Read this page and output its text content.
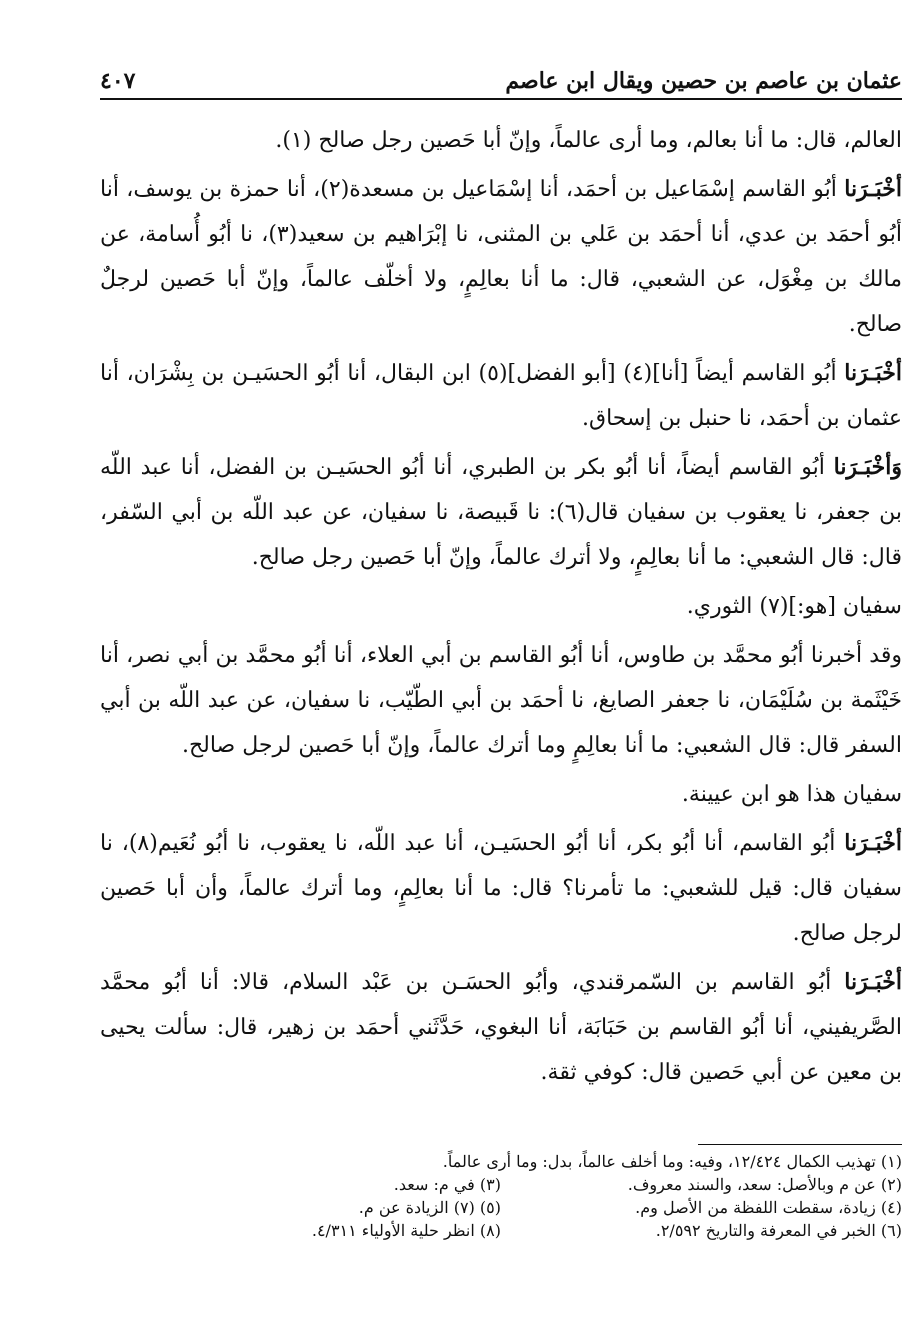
عثمان بن عاصم بن حصين ويقال ابن عاصم
٤٠٧

العالم، قال: ما أنا بعالم، وما أرى عالماً، وإنّ أبا حَصين رجل صالح (١).

أخْبَـرَنا أبُو القاسم إسْمَاعيل بن أحمَد، أنا إسْمَاعيل بن مسعدة(٢)، أنا حمزة بن يوسف، أنا أبُو أحمَد بن عدي، أنا أحمَد بن عَلي بن المثنى، نا إبْرَاهيم بن سعيد(٣)، نا أبُو أُسامة، عن مالك بن مِغْوَل، عن الشعبي، قال: ما أنا بعالِمٍ، ولا أخلّف عالماً، وإنّ أبا حَصين لرجلٌ صالح.

أخْبَـرَنا أبُو القاسم أيضاً [أنا](٤) [أبو الفضل](٥) ابن البقال، أنا أبُو الحسَيـن بن بِشْرَان، أنا عثمان بن أحمَد، نا حنبل بن إسحاق.

وَأخْبَـرَنا أبُو القاسم أيضاً، أنا أبُو بكر بن الطبري، أنا أبُو الحسَيـن بن الفضل، أنا عبد اللّه بن جعفر، نا يعقوب بن سفيان قال(٦): نا قَبيصة، نا سفيان، عن عبد اللّه بن أبي السّفر، قال: قال الشعبي: ما أنا بعالِمٍ، ولا أترك عالماً، وإنّ أبا حَصين رجل صالح.

سفيان [هو:](٧) الثوري.

وقد أخبرنا أبُو محمَّد بن طاوس، أنا أبُو القاسم بن أبي العلاء، أنا أبُو محمَّد بن أبي نصر، أنا خَيْثَمة بن سُلَيْمَان، نا جعفر الصايغ، نا أحمَد بن أبي الطّيّب، نا سفيان، عن عبد اللّه بن أبي السفر قال: قال الشعبي: ما أنا بعالِمٍ وما أترك عالماً، وإنّ أبا حَصين لرجل صالح.

سفيان هذا هو ابن عيينة.

أخْبَـرَنا أبُو القاسم، أنا أبُو بكر، أنا أبُو الحسَيـن، أنا عبد اللّه، نا يعقوب، نا أبُو نُعَيم(٨)، نا سفيان قال: قيل للشعبي: ما تأمرنا؟ قال: ما أنا بعالِمٍ، وما أترك عالماً، وأن أبا حَصين لرجل صالح.

أخْبَـرَنا أبُو القاسم بن السّمرقندي، وأبُو الحسَـن بن عَبْد السلام، قالا: أنا أبُو محمَّد الصَّريفيني، أنا أبُو القاسم بن حَبَابَة، أنا البغوي، حَدَّثَني أحمَد بن زهير، قال: سألت يحيى بن معين عن أبي حَصين قال: كوفي ثقة.

(١) تهذيب الكمال ١٢/٤٢٤، وفيه: وما أخلف عالماً، بدل: وما أرى عالماً.
(٢) عن م وبالأصل: سعد، والسند معروف.
(٣) في م: سعد.
(٤) زيادة، سقطت اللفظة من الأصل وم.
(٥) (٧) الزيادة عن م.
(٦) الخبر في المعرفة والتاريخ ٢/٥٩٢.
(٨) انظر حلية الأولياء ٤/٣١١.
